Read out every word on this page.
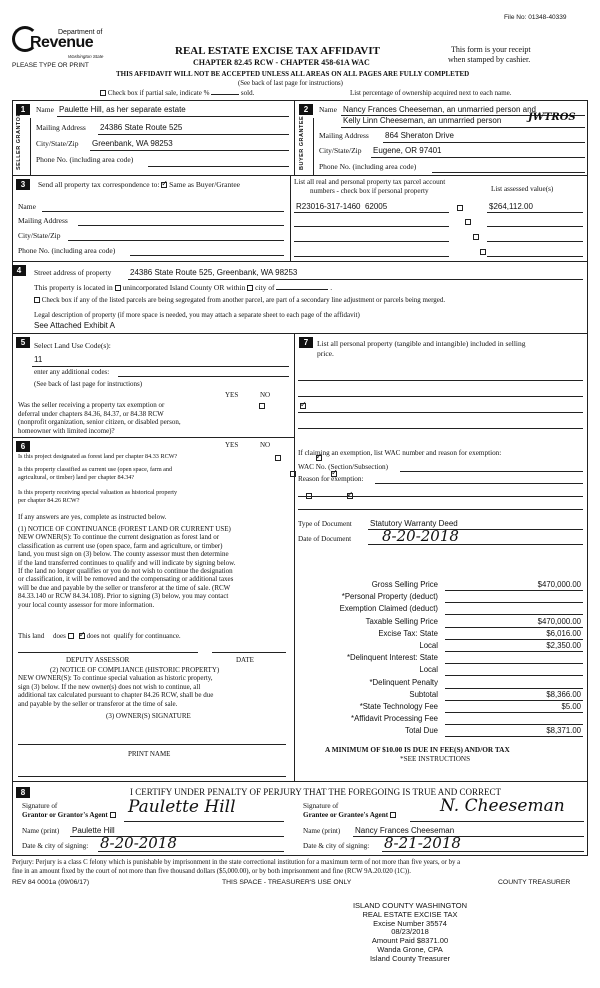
File No: 01348-40339
Department of
Revenue
Washington State
PLEASE TYPE OR PRINT
REAL ESTATE EXCISE TAX AFFIDAVIT
CHAPTER 82.45 RCW - CHAPTER 458-61A WAC
This form is your receipt
when stamped by cashier.
THIS AFFIDAVIT WILL NOT BE ACCEPTED UNLESS ALL AREAS ON ALL PAGES ARE FULLY COMPLETED
(See back of last page for instructions)
Check box if partial sale, indicate %	sold.	List percentage of ownership acquired next to each name.
1
SELLER GRANTOR
Name Paulette Hill, as her separate estate
Mailing Address 24386 State Route 525
City/State/Zip Greenbank, WA 98253
Phone No. (including area code)
2
BUYER GRANTEE
Name Nancy Frances Cheeseman, an unmarried person and
Kelly Linn Cheeseman, an unmarried person	JWTROS
Mailing Address 864 Sheraton Drive
City/State/Zip Eugene, OR 97401
Phone No. (including area code)
3	Send all property tax correspondence to: ✓ Same as Buyer/Grantee	List all real and personal property tax parcel account
numbers - check box if personal property	List assessed value(s)
Name
Mailing Address
City/State/Zip
Phone No. (including area code)
R23016-317-1460 62005
	$264,112.00

4	Street address of property 24386 State Route 525, Greenbank, WA 98253
This property is located in unincorporated Island County OR within city of	.
Check box if any of the listed parcels are being segregated from another parcel, are part of a secondary line adjustment or parcels being merged.
Legal description of property (if more space is needed, you may attach a separate sheet to each page of the affidavit)
See Attached Exhibit A
5	Select Land Use Code(s):
11
enter any additional codes:
(See back of last page for instructions)
YES	NO
✓
Was the seller receiving a property tax exemption or
deferral under chapters 84.36, 84.37, or 84.38 RCW
(nonprofit organization, senior citizen, or disabled person,
homeowner with limited income)?
7	List all personal property (tangible and intangible) included in selling
price.
6	YES	NO
Is this project designated as forest land per chapter 84.33 RCW?
✓
Is this property classified as current use (open space, farm and
agricultural, or timber) land per chapter 84.34?
✓
Is this property receiving special valuation as historical property
per chapter 84.26 RCW?
✓
If any answers are yes, complete as instructed below.
(1) NOTICE OF CONTINUANCE (FOREST LAND OR CURRENT USE)
NEW OWNER(S): To continue the current designation as forest land or
classification as current use (open space, farm and agriculture, or timber)
land, you must sign on (3) below. The county assessor must then determine
if the land transferred continues to qualify and will indicate by signing below.
If the land no longer qualifies or you do not wish to continue the designation
or classification, it will be removed and the compensating or additional taxes
will be due and payable by the seller or transferor at the time of sale. (RCW
84.33.140 or RCW 84.34.108). Prior to signing (3) below, you may contact
your local county assessor for more information.
This land does ✓	does not qualify for continuance.
DEPUTY ASSESSOR	DATE
(2) NOTICE OF COMPLIANCE (HISTORIC PROPERTY)
NEW OWNER(S): To continue special valuation as historic property,
sign (3) below. If the new owner(s) does not wish to continue, all
additional tax calculated pursuant to chapter 84.26 RCW, shall be due
and payable by the seller or transferor at the time of sale.
(3) OWNER(S) SIGNATURE
PRINT NAME
If claiming an exemption, list WAC number and reason for exemption:
WAC No. (Section/Subsection)
Reason for exemption:
Type of Document Statutory Warranty Deed
Date of Document 8-20-2018
Gross Selling Price	$470,000.00
*Personal Property (deduct)
Exemption Claimed (deduct)
Taxable Selling Price	$470,000.00
Excise Tax: State	$6,016.00
Local	$2,350.00
*Delinquent Interest: State
Local
*Delinquent Penalty
Subtotal	$8,366.00
*State Technology Fee	$5.00
*Affidavit Processing Fee
Total Due	$8,371.00
A MINIMUM OF $10.00 IS DUE IN FEE(S) AND/OR TAX
*SEE INSTRUCTIONS
8	I CERTIFY UNDER PENALTY OF PERJURY THAT THE FOREGOING IS TRUE AND CORRECT
Signature of
Grantor or Grantor's Agent	Paulette Hill
Name (print) Paulette Hill
Date & city of signing: 8-20-2018
Signature of
Grantee or Grantee's Agent	N. Cheeseman
Name (print) Nancy Frances Cheeseman
Date & city of signing: 8-21-2018
Perjury: Perjury is a class C felony which is punishable by imprisonment in the state correctional institution for a maximum term of not more than five years, or by a
fine in an amount fixed by the court of not more than five thousand dollars ($5,000.00), or by both imprisonment and fine (RCW 9A.20.020 (1C)).
REV 84 0001a (09/06/17)	THIS SPACE - TREASURER'S USE ONLY	COUNTY TREASURER
ISLAND COUNTY WASHINGTON
REAL ESTATE EXCISE TAX
Excise Number 35574
08/23/2018
Amount Paid $8371.00
Wanda Grone, CPA
Island County Treasurer
